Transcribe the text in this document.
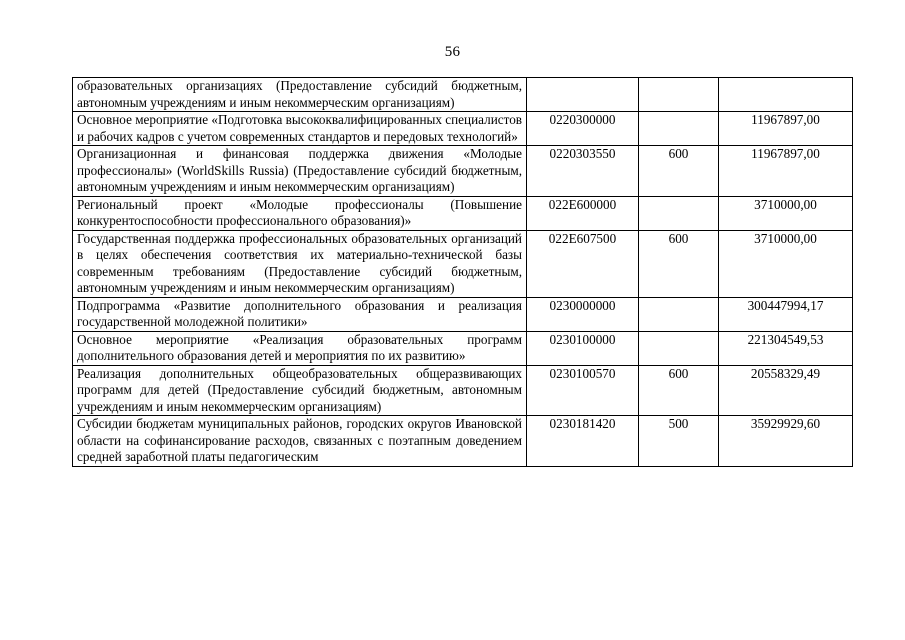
56
образовательных организациях (Предоставление субсидий бюджетным, автономным учреждениям и иным некоммерческим организациям)			
Основное мероприятие «Подготовка высококвалифицированных специалистов и рабочих кадров с учетом современных стандартов и передовых технологий»	0220300000		11967897,00
Организационная и финансовая поддержка движения «Молодые профессионалы» (WorldSkills Russia) (Предоставление субсидий бюджетным, автономным учреждениям и иным некоммерческим организациям)	0220303550	600	11967897,00
Региональный проект «Молодые профессионалы (Повышение конкурентоспособности профессионального образования)»	022E600000		3710000,00
Государственная поддержка профессиональных образовательных организаций в целях обеспечения соответствия их материально-технической базы современным требованиям (Предоставление субсидий бюджетным, автономным учреждениям и иным некоммерческим организациям)	022E607500	600	3710000,00
Подпрограмма «Развитие дополнительного образования и реализация государственной молодежной политики»	0230000000		300447994,17
Основное мероприятие «Реализация образовательных программ дополнительного образования детей и мероприятия по их развитию»	0230100000		221304549,53
Реализация дополнительных общеобразовательных общеразвивающих программ для детей (Предоставление субсидий бюджетным, автономным учреждениям и иным некоммерческим организациям)	0230100570	600	20558329,49
Субсидии бюджетам муниципальных районов, городских округов Ивановской области на софинансирование расходов, связанных с поэтапным доведением средней заработной платы педагогическим	0230181420	500	35929929,60
